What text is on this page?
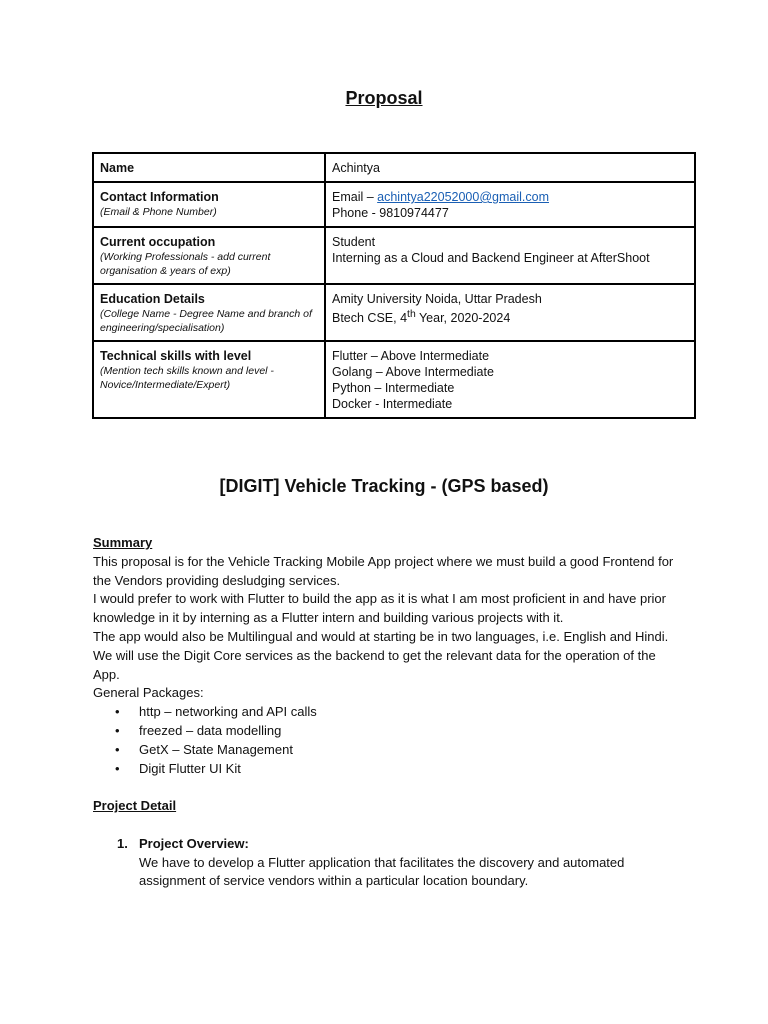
Proposal
Name	Achintya

Contact Information
(Email & Phone Number)	Email – achintya22052000@gmail.com
Phone - 9810974477

Current occupation
(Working Professionals - add current organisation & years of exp)	Student
Interning as a Cloud and Backend Engineer at AfterShoot

Education Details
(College Name - Degree Name and branch of engineering/specialisation)	Amity University Noida, Uttar Pradesh
Btech CSE, 4th Year, 2020-2024

Technical skills with level
(Mention tech skills known and level - Novice/Intermediate/Expert)	Flutter – Above Intermediate
Golang – Above Intermediate
Python – Intermediate
Docker - Intermediate
[DIGIT] Vehicle Tracking - (GPS based)
Summary

This proposal is for the Vehicle Tracking Mobile App project where we must build a good Frontend for the Vendors providing desludging services.

I would prefer to work with Flutter to build the app as it is what I am most proficient in and have prior knowledge in it by interning as a Flutter intern and building various projects with it.

The app would also be Multilingual and would at starting be in two languages, i.e. English and Hindi. We will use the Digit Core services as the backend to get the relevant data for the operation of the App.

General Packages:

• http – networking and API calls
• freezed – data modelling
• GetX – State Management
• Digit Flutter UI Kit
Project Detail
1. Project Overview:
We have to develop a Flutter application that facilitates the discovery and automated assignment of service vendors within a particular location boundary.
